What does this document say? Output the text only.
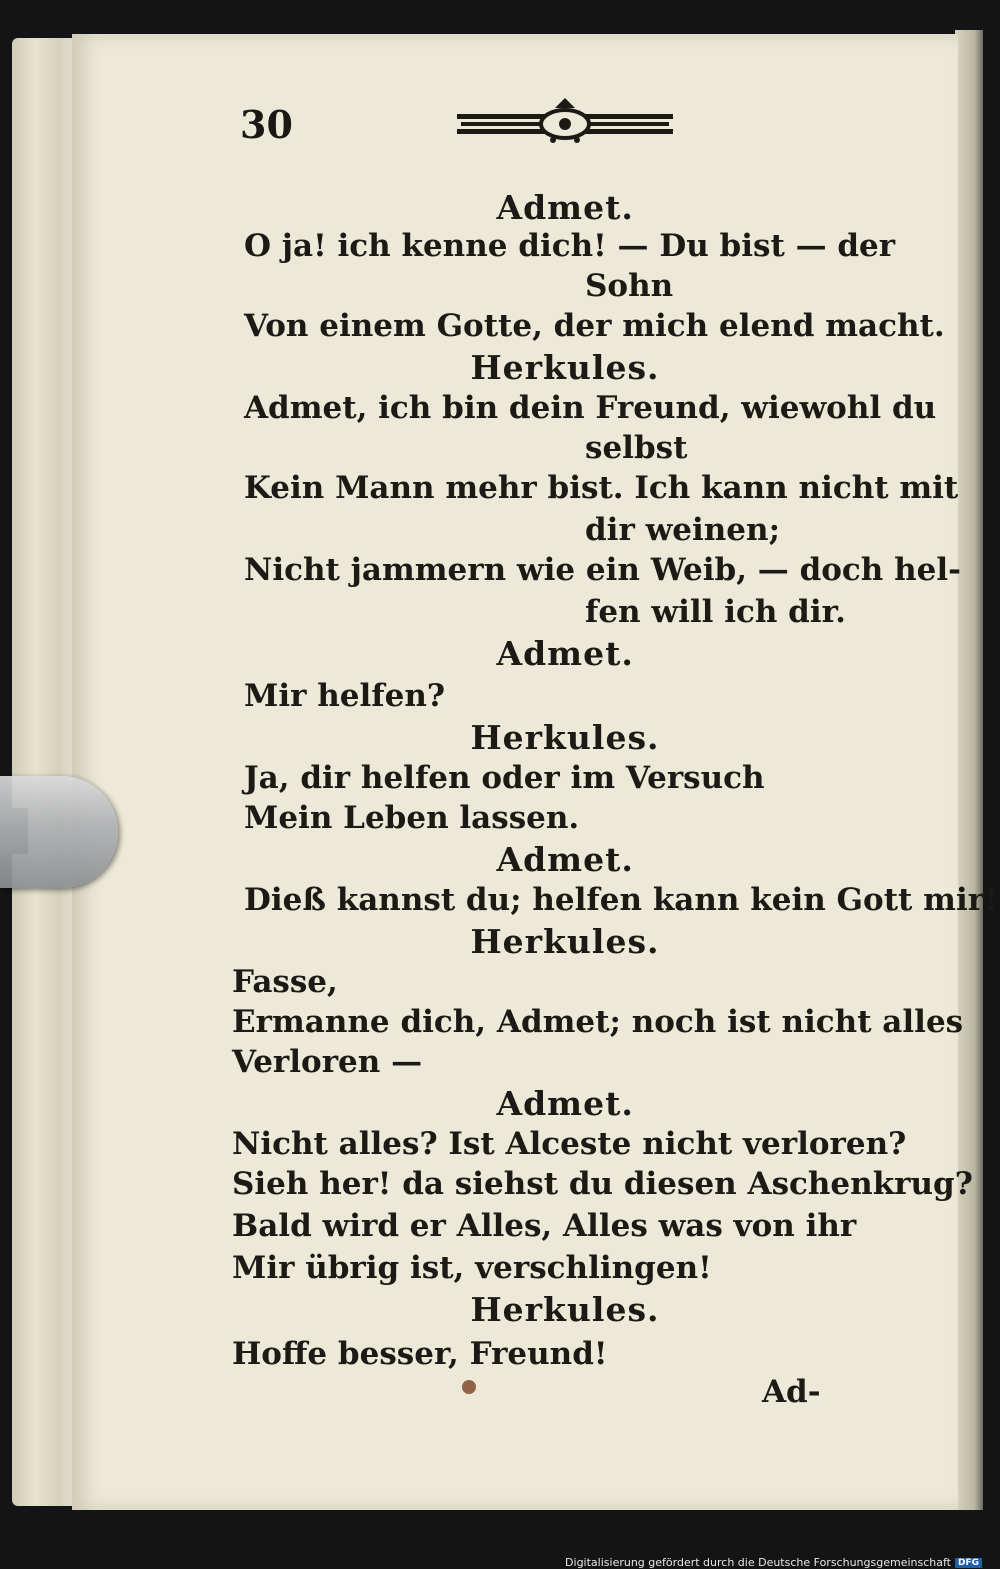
30
Admet.
O ja! ich kenne dich! — Du bist — der
Sohn
Von einem Gotte, der mich elend macht.
Herkules.
Admet, ich bin dein Freund, wiewohl du
selbst
Kein Mann mehr bist. Ich kann nicht mit
dir weinen;
Nicht jammern wie ein Weib, — doch hel-
fen will ich dir.
Admet.
Mir helfen?
Herkules.
Ja, dir helfen oder im Versuch
Mein Leben lassen.
Admet.
Dieß kannst du; helfen kann kein Gott mir!
Herkules.
Fasse,
Ermanne dich, Admet; noch ist nicht alles
Verloren —
Admet.
Nicht alles? Ist Alceste nicht verloren?
Sieh her! da siehst du diesen Aschenkrug?
Bald wird er Alles, Alles was von ihr
Mir übrig ist, verschlingen!
Herkules.
Hoffe besser, Freund!
Ad-
Digitalisierung gefördert durch die Deutsche Forschungsgemeinschaft DFG
